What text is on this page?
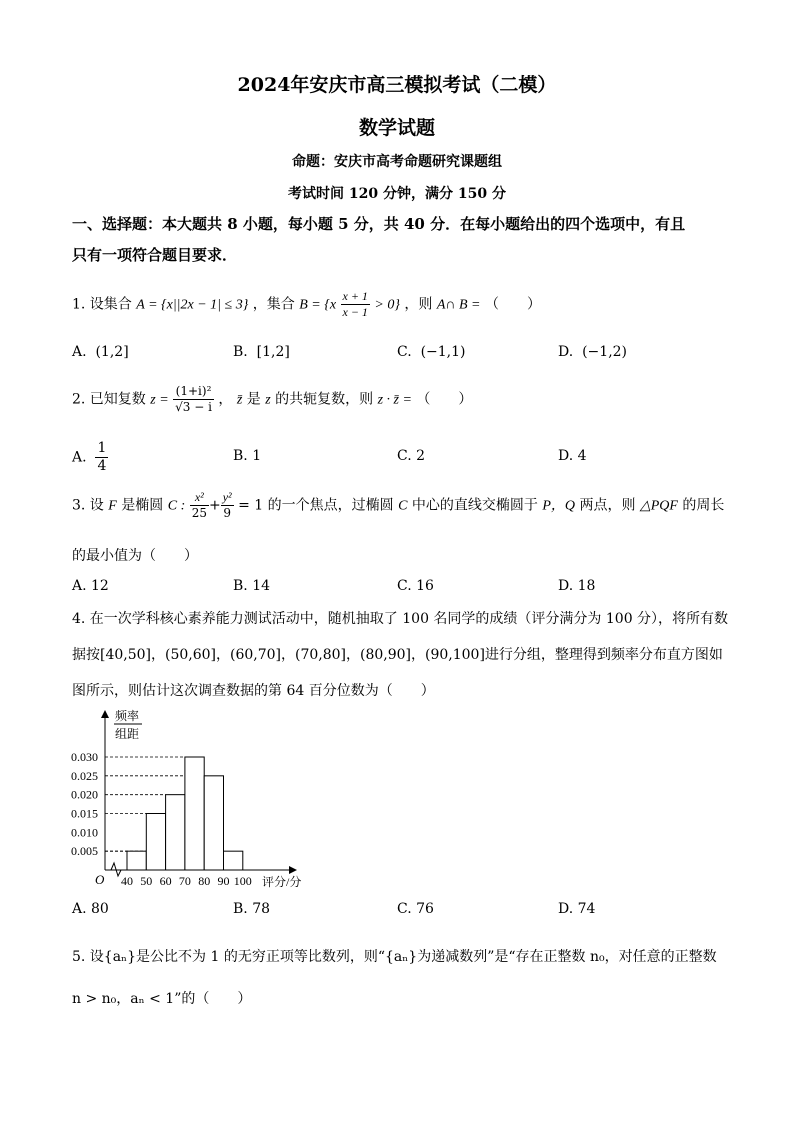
2024年安庆市高三模拟考试（二模）
数学试题
命题：安庆市高考命题研究课题组
考试时间 120 分钟，满分 150 分
一、选择题：本大题共 8 小题，每小题 5 分，共 40 分．在每小题给出的四个选项中，有且
只有一项符合题目要求．
1. 设集合 A = {x||2x − 1| ≤ 3} ，集合 $B = \{x \frac{x + 1}{x - 1} > 0\}$ ，则 A∩ B = （　　）
A. (1,2]	B. [1,2]	C. (−1,1)	D. (−1,2)
2. 已知复数 $z = \frac{\text{(1+i)²}}{√3 - i}$ ， z̄ 是 z 的共轭复数，则 z · z̄ = （　　）
A. $\frac{1}{4}$	B. 1	C. 2	D. 4
3. 设 F 是椭圆 C : $\frac{\text{x²}}{25} + \frac{\text{y²}}{9} = 1$ 的一个焦点，过椭圆 C 中心的直线交椭圆于 P，Q 两点，则 △PQF 的周长
的最小值为（　　）
A. 12	B. 14	C. 16	D. 18
4. 在一次学科核心素养能力测试活动中，随机抽取了 100 名同学的成绩（评分满分为 100 分），将所有数
据按[40,50]，(50,60]，(60,70]，(70,80]，(80,90]，(90,100]进行分组，整理得到频率分布直方图如
图所示，则估计这次调查数据的第 64 百分位数为（　　）
频率
组距
O	评分/分
0.005
0.010
0.015
0.020
0.025
0.030
40 50 60 70 80 90 100
A. 80	B. 78	C. 76	D. 74
5. 设{aₙ}是公比不为 1 的无穷正项等比数列，则“{aₙ}为递减数列”是“存在正整数 n₀，对任意的正整数
n > n₀，aₙ < 1”的（　　）
